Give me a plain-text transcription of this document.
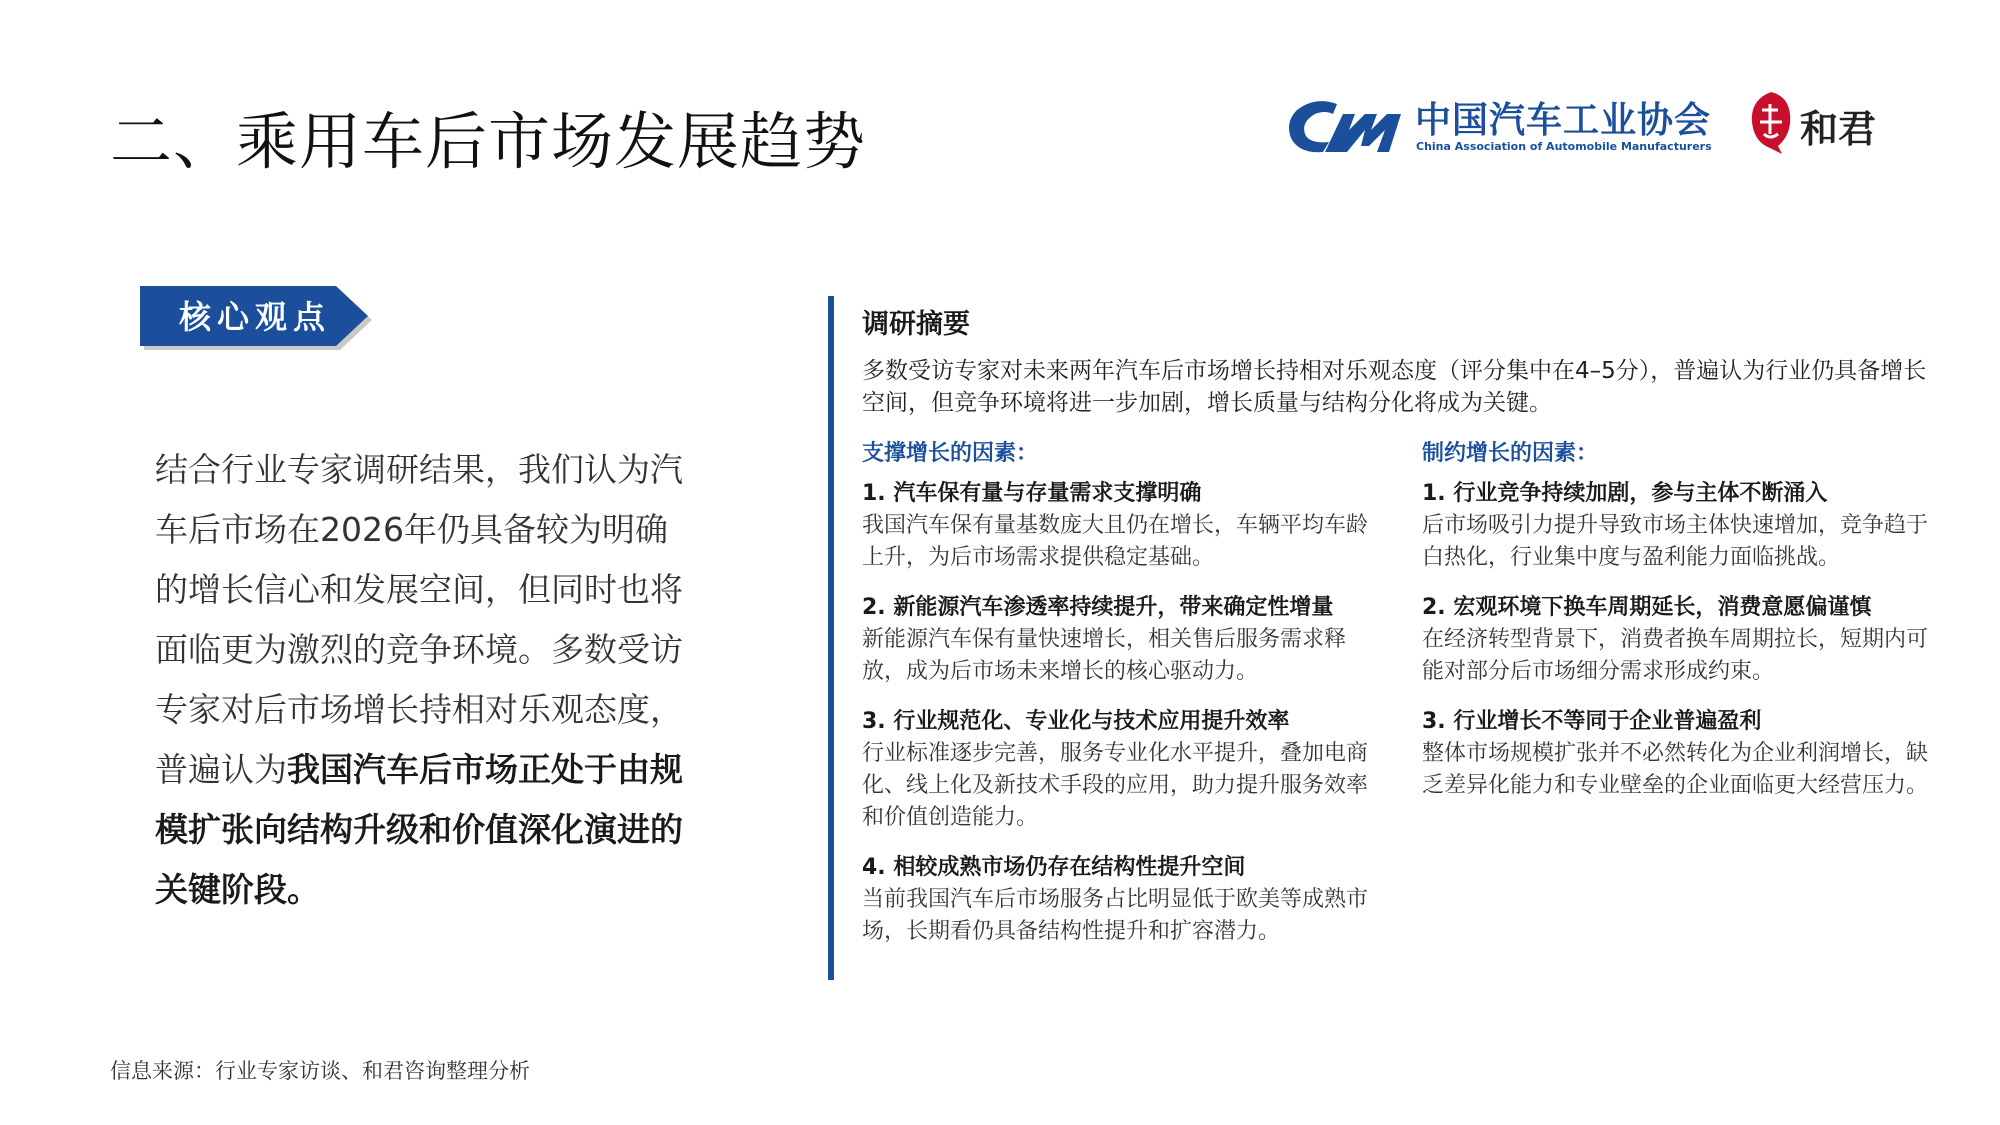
二、乘用车后市场发展趋势	中国汽车工业协会
China Association of Automobile Manufacturers 和君
核心观点

结合行业专家调研结果，我们认为汽车后市场在2026年仍具备较为明确的增长信心和发展空间，但同时也将面临更为激烈的竞争环境。多数受访专家对后市场增长持相对乐观态度，普遍认为我国汽车后市场正处于由规模扩张向结构升级和价值深化演进的关键阶段。

调研摘要

多数受访专家对未来两年汽车后市场增长持相对乐观态度（评分集中在4–5分），普遍认为行业仍具备增长空间，但竞争环境将进一步加剧，增长质量与结构分化将成为关键。

支撑增长的因素：
1. 汽车保有量与存量需求支撑明确
我国汽车保有量基数庞大且仍在增长，车辆平均车龄上升，为后市场需求提供稳定基础。
2. 新能源汽车渗透率持续提升，带来确定性增量
新能源汽车保有量快速增长，相关售后服务需求释放，成为后市场未来增长的核心驱动力。
3. 行业规范化、专业化与技术应用提升效率
行业标准逐步完善，服务专业化水平提升，叠加电商化、线上化及新技术手段的应用，助力提升服务效率和价值创造能力。
4. 相较成熟市场仍存在结构性提升空间
当前我国汽车后市场服务占比明显低于欧美等成熟市场，长期看仍具备结构性提升和扩容潜力。
制约增长的因素：
1. 行业竞争持续加剧，参与主体不断涌入
后市场吸引力提升导致市场主体快速增加，竞争趋于白热化，行业集中度与盈利能力面临挑战。
2. 宏观环境下换车周期延长，消费意愿偏谨慎
在经济转型背景下，消费者换车周期拉长，短期内可能对部分后市场细分需求形成约束。
3. 行业增长不等同于企业普遍盈利
整体市场规模扩张并不必然转化为企业利润增长，缺乏差异化能力和专业壁垒的企业面临更大经营压力。
信息来源：行业专家访谈、和君咨询整理分析
